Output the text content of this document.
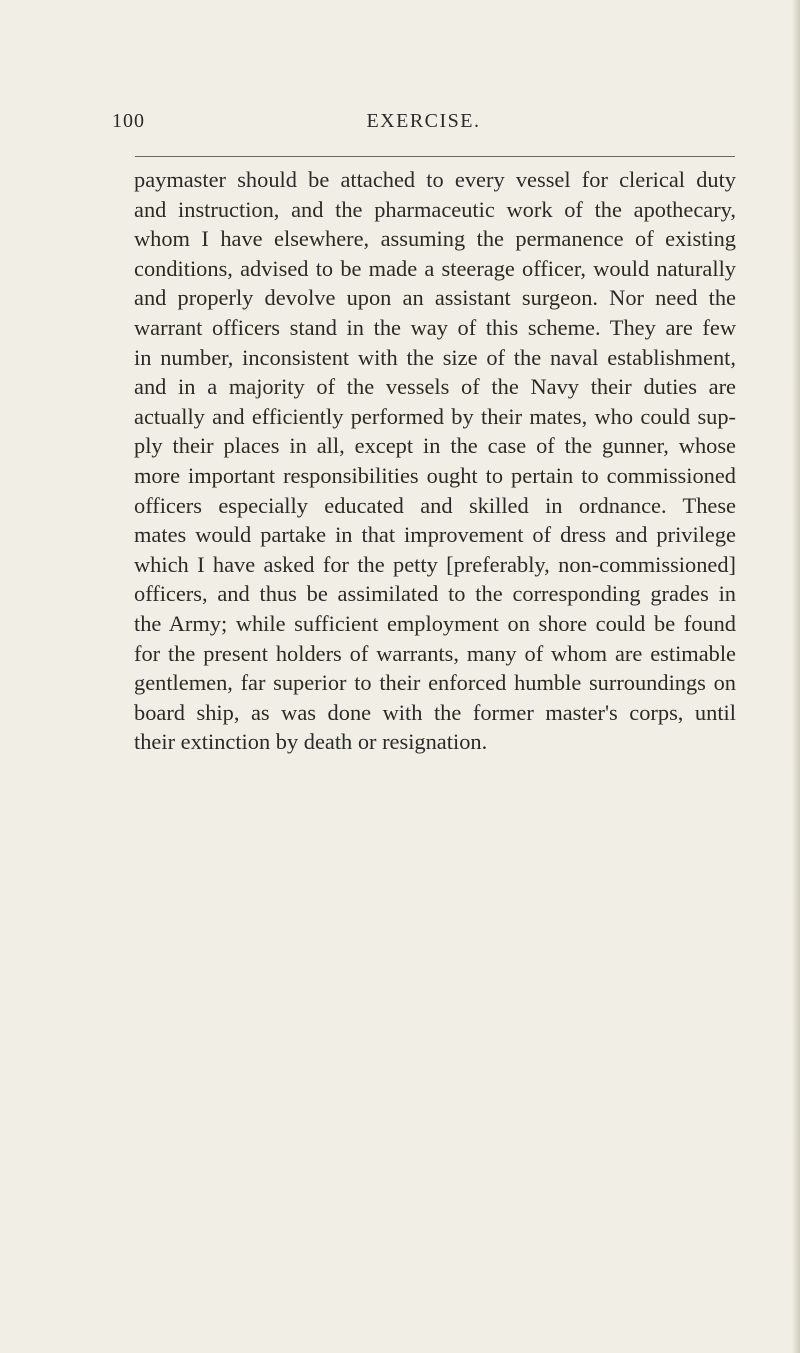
100	EXERCISE.
paymaster should be attached to every vessel for clerical duty
and instruction, and the pharmaceutic work of the apothecary,
whom I have elsewhere, assuming the permanence of existing
conditions, advised to be made a steerage officer, would naturally
and properly devolve upon an assistant surgeon. Nor need the
warrant officers stand in the way of this scheme. They are few
in number, inconsistent with the size of the naval establishment,
and in a majority of the vessels of the Navy their duties are
actually and efficiently performed by their mates, who could sup-
ply their places in all, except in the case of the gunner, whose
more important responsibilities ought to pertain to commissioned
officers especially educated and skilled in ordnance. These
mates would partake in that improvement of dress and privilege
which I have asked for the petty [preferably, non-commissioned]
officers, and thus be assimilated to the corresponding grades in
the Army; while sufficient employment on shore could be found
for the present holders of warrants, many of whom are estimable
gentlemen, far superior to their enforced humble surroundings on
board ship, as was done with the former master's corps, until
their extinction by death or resignation.
